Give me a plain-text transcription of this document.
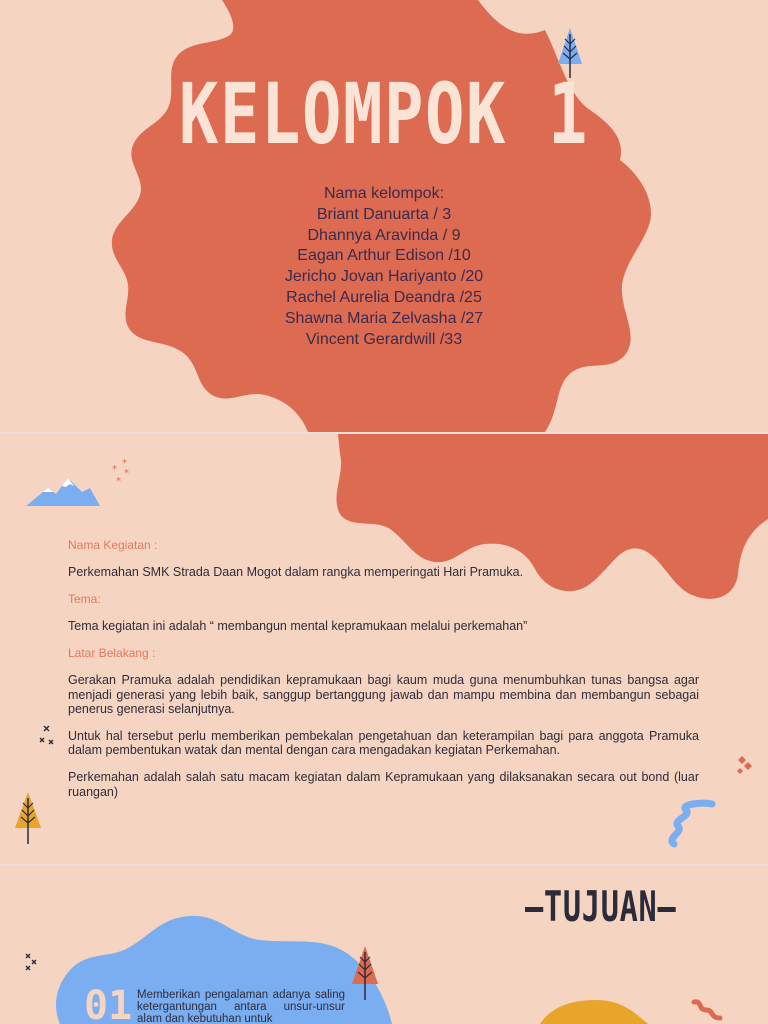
KELOMPOK 1
Nama kelompok:
Briant Danuarta / 3
Dhannya Aravinda / 9
Eagan Arthur Edison /10
Jericho Jovan Hariyanto /20
Rachel Aurelia Deandra /25
Shawna Maria Zelvasha /27
Vincent Gerardwill /33
*
* *
*
Nama Kegiatan :
Perkemahan SMK Strada Daan Mogot dalam rangka memperingati Hari Pramuka.
Tema:
Tema kegiatan ini adalah “ membangun mental kepramukaan melalui perkemahan”
Latar Belakang :
Gerakan Pramuka adalah pendidikan kepramukaan bagi kaum muda guna menumbuhkan tunas bangsa agar menjadi generasi yang lebih baik, sanggup bertanggung jawab dan mampu membina dan membangun sebagai penerus generasi selanjutnya.
Untuk hal tersebut perlu memberikan pembekalan pengetahuan dan keterampilan bagi para anggota Pramuka dalam pembentukan watak dan mental dengan cara mengadakan kegiatan Perkemahan.
Perkemahan adalah salah satu macam kegiatan dalam Kepramukaan yang dilaksanakan secara out bond (luar ruangan)
—TUJUAN—
01 Memberikan pengalaman adanya saling ketergantungan antara unsur-unsur alam dan kebutuhan untuk
